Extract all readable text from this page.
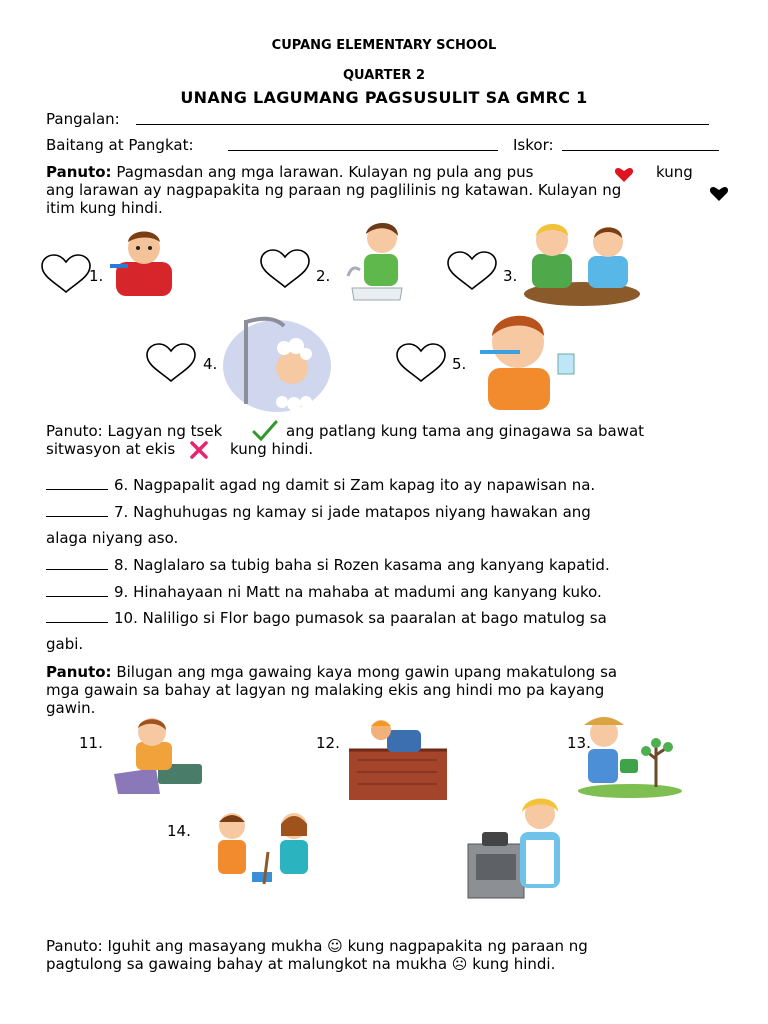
CUPANG ELEMENTARY SCHOOL
QUARTER 2
UNANG LAGUMANG PAGSUSULIT SA GMRC 1
Pangalan:
Baitang at Pangkat:	Iskor:
Panuto: Pagmasdan ang mga larawan. Kulayan ng pula ang pus
ang larawan ay nagpapakita ng paraan ng paglilinis ng katawan. Kulayan ng
itim kung hindi.
kung
1.	2.	3.
4.	5.
Panuto: Lagyan ng tsek	ang patlang kung tama ang ginagawa sa bawat
sitwasyon at ekis	kung hindi.
6. Nagpapalit agad ng damit si Zam kapag ito ay napawisan na.
7. Naghuhugas ng kamay si jade matapos niyang hawakan ang
alaga niyang aso.
8. Naglalaro sa tubig baha si Rozen kasama ang kanyang kapatid.
9. Hinahayaan ni Matt na mahaba at madumi ang kanyang kuko.
10. Naliligo si Flor bago pumasok sa paaralan at bago matulog sa
gabi.
Panuto: Bilugan ang mga gawaing kaya mong gawin upang makatulong sa
mga gawain sa bahay at lagyan ng malaking ekis ang hindi mo pa kayang
gawin.
11.	12.	13.
14.
Panuto: Iguhit ang masayang mukha ☺ kung nagpapakita ng paraan ng
pagtulong sa gawaing bahay at malungkot na mukha ☹ kung hindi.
